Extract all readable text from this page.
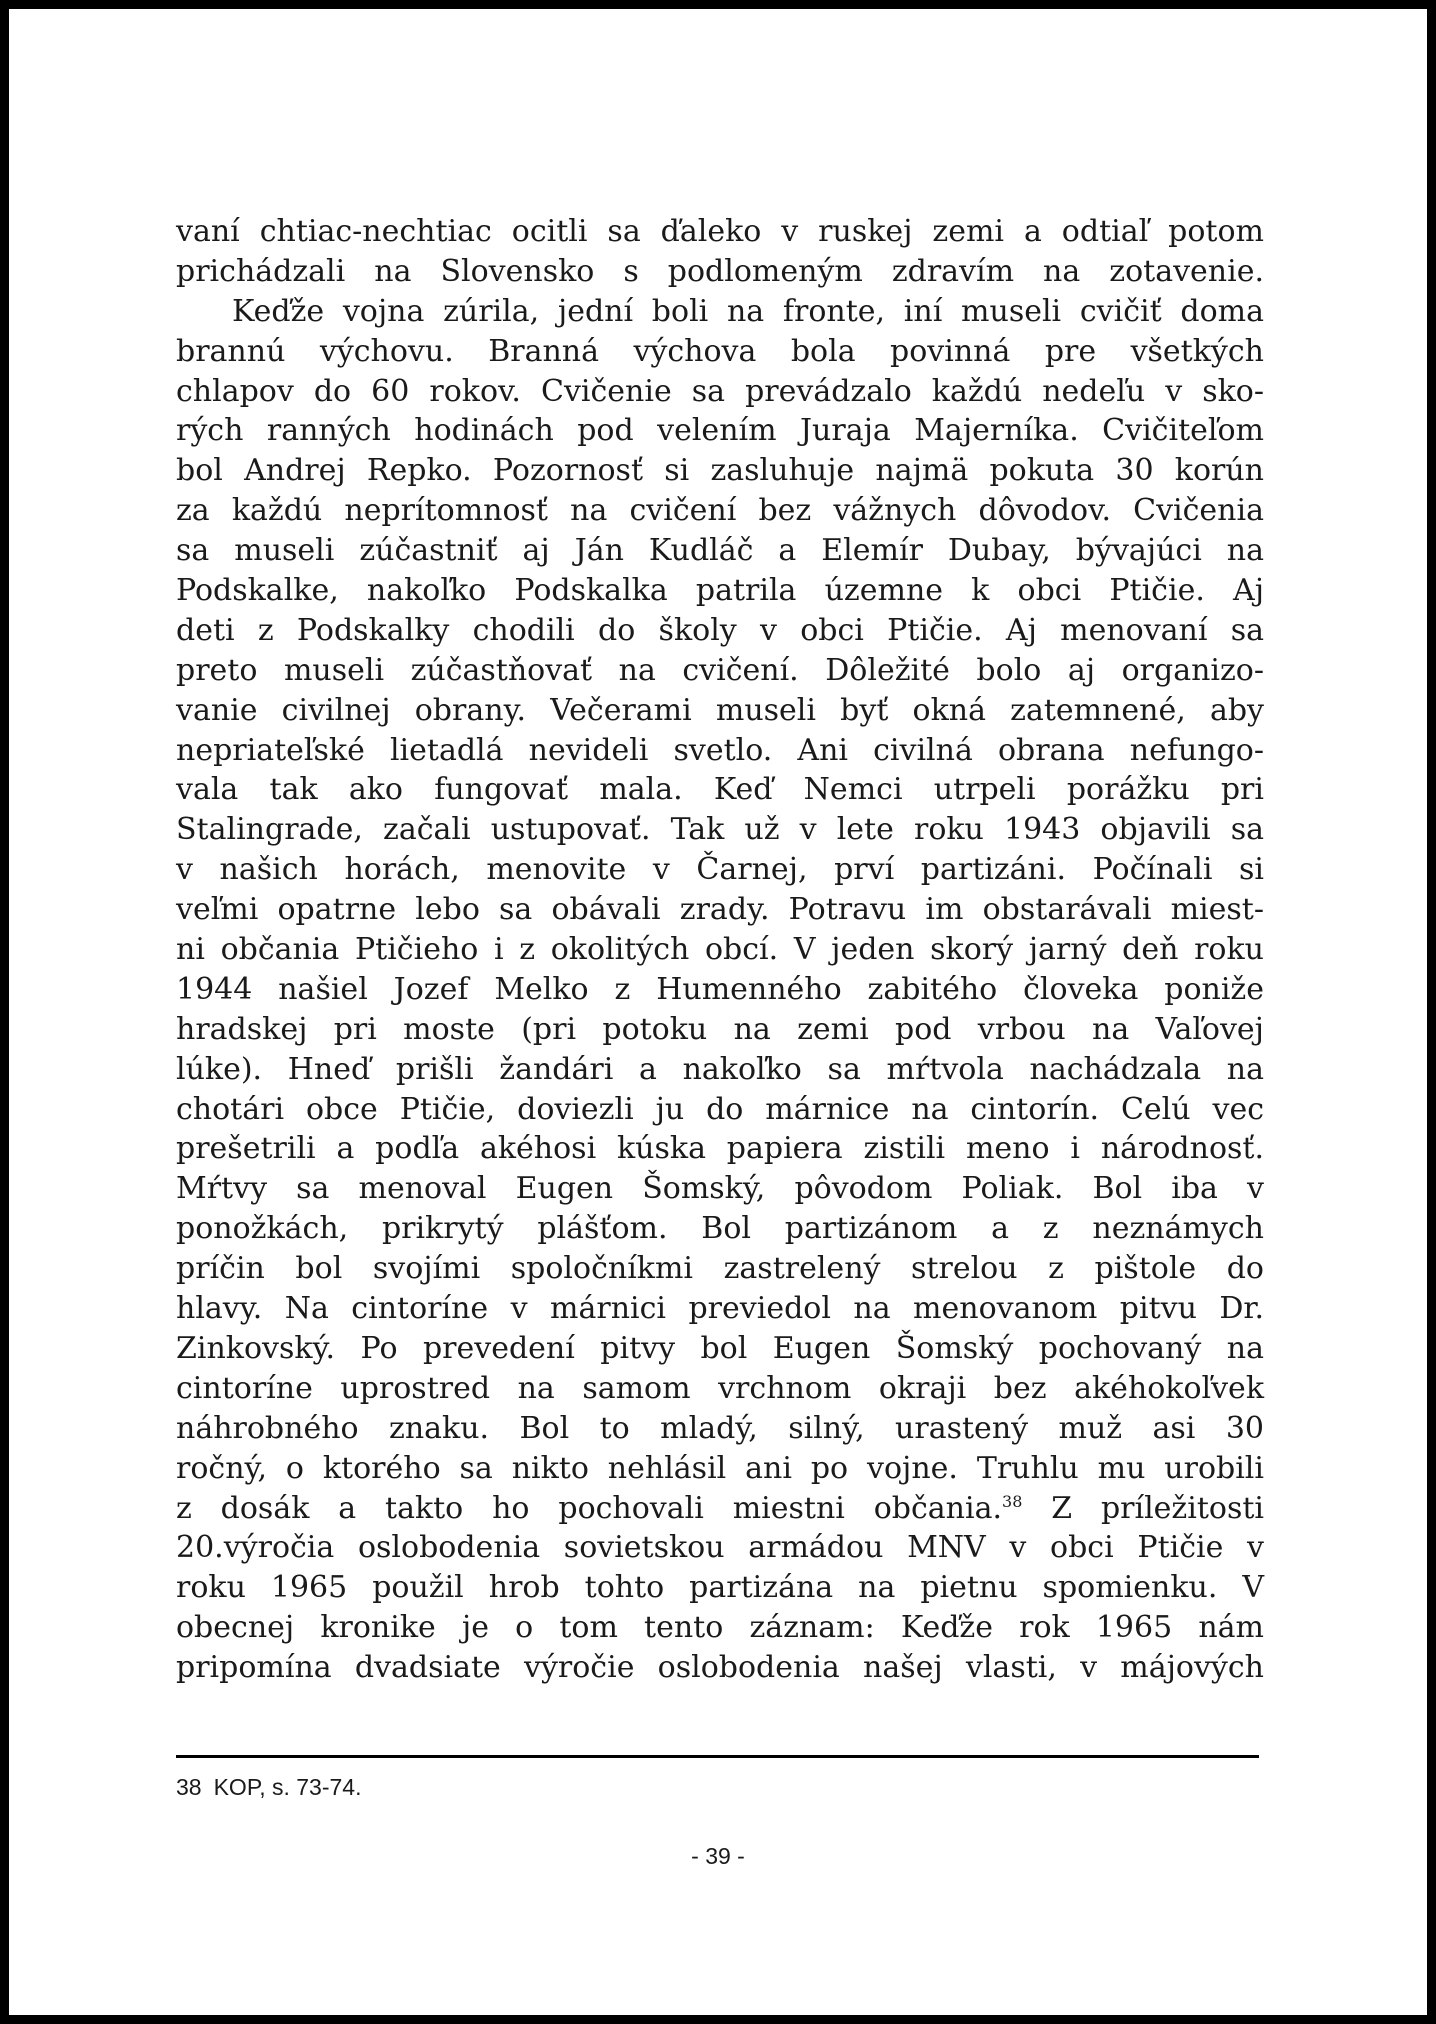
vaní chtiac-nechtiac ocitli sa ďaleko v ruskej zemi a odtiaľ potom
prichádzali na Slovensko s podlomeným zdravím na zotavenie.
Keďže vojna zúrila, jední boli na fronte, iní museli cvičiť doma
brannú výchovu. Branná výchova bola povinná pre všetkých
chlapov do 60 rokov. Cvičenie sa prevádzalo každú nedeľu v sko-
rých ranných hodinách pod velením Juraja Majerníka. Cvičiteľom
bol Andrej Repko. Pozornosť si zasluhuje najmä pokuta 30 korún
za každú neprítomnosť na cvičení bez vážnych dôvodov. Cvičenia
sa museli zúčastniť aj Ján Kudláč a Elemír Dubay, bývajúci na
Podskalke, nakoľko Podskalka patrila územne k obci Ptičie. Aj
deti z Podskalky chodili do školy v obci Ptičie. Aj menovaní sa
preto museli zúčastňovať na cvičení. Dôležité bolo aj organizo-
vanie civilnej obrany. Večerami museli byť okná zatemnené, aby
nepriateľské lietadlá nevideli svetlo. Ani civilná obrana nefungo-
vala tak ako fungovať mala. Keď Nemci utrpeli porážku pri
Stalingrade, začali ustupovať. Tak už v lete roku 1943 objavili sa
v našich horách, menovite v Čarnej, prví partizáni. Počínali si
veľmi opatrne lebo sa obávali zrady. Potravu im obstarávali miest-
ni občania Ptičieho i z okolitých obcí. V jeden skorý jarný deň roku
1944 našiel Jozef Melko z Humenného zabitého človeka poniže
hradskej pri moste (pri potoku na zemi pod vrbou na Vaľovej
lúke). Hneď prišli žandári a nakoľko sa mŕtvola nachádzala na
chotári obce Ptičie, doviezli ju do márnice na cintorín. Celú vec
prešetrili a podľa akéhosi kúska papiera zistili meno i národnosť.
Mŕtvy sa menoval Eugen Šomský, pôvodom Poliak. Bol iba v
ponožkách, prikrytý plášťom. Bol partizánom a z neznámych
príčin bol svojími spoločníkmi zastrelený strelou z pištole do
hlavy. Na cintoríne v márnici previedol na menovanom pitvu Dr.
Zinkovský. Po prevedení pitvy bol Eugen Šomský pochovaný na
cintoríne uprostred na samom vrchnom okraji bez akéhokoľvek
náhrobného znaku. Bol to mladý, silný, urastený muž asi 30
ročný, o ktorého sa nikto nehlásil ani po vojne. Truhlu mu urobili
z dosák a takto ho pochovali miestni občania.$^{38}$ Z príležitosti
20.výročia oslobodenia sovietskou armádou MNV v obci Ptičie v
roku 1965 použil hrob tohto partizána na pietnu spomienku. V
obecnej kronike je o tom tento záznam: Keďže rok 1965 nám
pripomína dvadsiate výročie oslobodenia našej vlasti, v májových

38 KOP, s. 73-74.

- 39 -
